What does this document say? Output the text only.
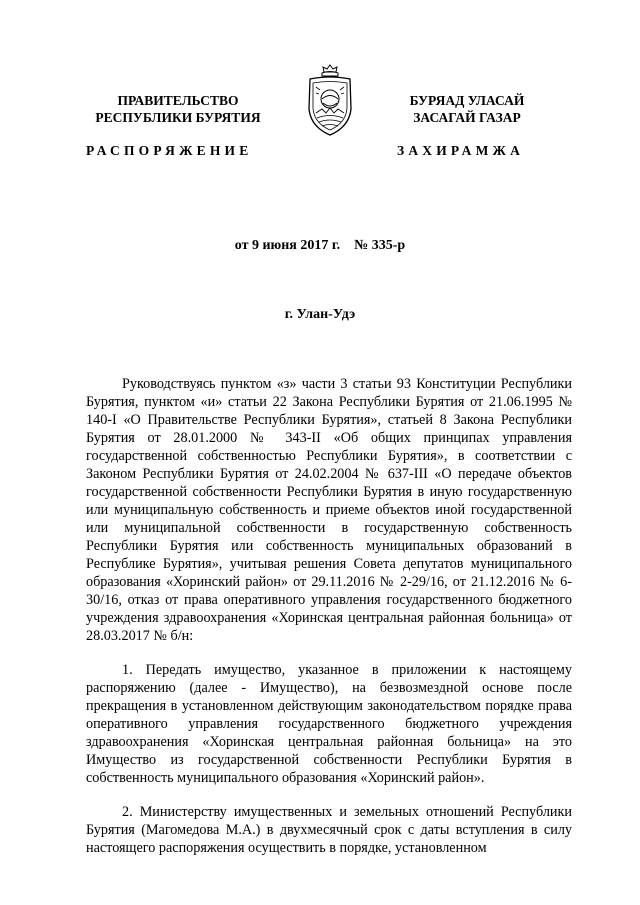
ПРАВИТЕЛЬСТВО
РЕСПУБЛИКИ БУРЯТИЯ
БУРЯАД УЛАСАЙ
ЗАСАГАЙ ГАЗАР
РАСПОРЯЖЕНИЕ	ЗАХИРАМЖА
от 9 июня 2017 г. № 335-р
г. Улан-Удэ

Руководствуясь пунктом «з» части 3 статьи 93 Конституции Республики Бурятия, пунктом «и» статьи 22 Закона Республики Бурятия от 21.06.1995 № 140-I «О Правительстве Республики Бурятия», статьей 8 Закона Республики Бурятия от 28.01.2000 № 343-II «Об общих принципах управления государственной собственностью Республики Бурятия», в соответствии с Законом Республики Бурятия от 24.02.2004 № 637-III «О передаче объектов государственной собственности Республики Бурятия в иную государственную или муниципальную собственность и приеме объектов иной государственной или муниципальной собственности в государственную собственность Республики Бурятия или собственность муниципальных образований в Республике Бурятия», учитывая решения Совета депутатов муниципального образования «Хоринский район» от 29.11.2016 № 2-29/16, от 21.12.2016 № 6-30/16, отказ от права оперативного управления государственного бюджетного учреждения здравоохранения «Хоринская центральная районная больница» от 28.03.2017 № б/н:

1. Передать имущество, указанное в приложении к настоящему распоряжению (далее - Имущество), на безвозмездной основе после прекращения в установленном действующим законодательством порядке права оперативного управления государственного бюджетного учреждения здравоохранения «Хоринская центральная районная больница» на это Имущество из государственной собственности Республики Бурятия в собственность муниципального образования «Хоринский район».

2. Министерству имущественных и земельных отношений Республики Бурятия (Магомедова М.А.) в двухмесячный срок с даты вступления в силу настоящего распоряжения осуществить в порядке, установленном
